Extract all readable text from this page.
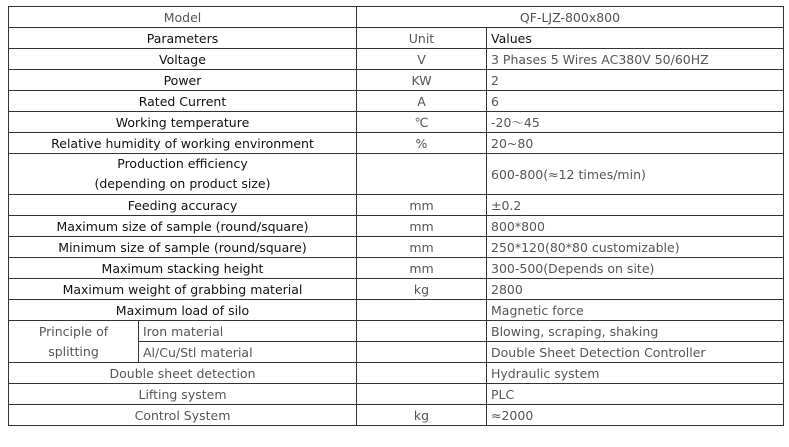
Model		QF-LJZ-800x800	
Parameters		Unit	Values
Voltage		V	3 Phases 5 Wires AC380V 50/60HZ
Power		KW	2
Rated Current		A	6
Working temperature		℃	-20～45
Relative humidity of working environment		%	20~80

Production efficiency
(depending on product size)			600-800(≈12 times/min)
Feeding accuracy		mm	±0.2
Maximum size of sample (round/square)		mm	800*800
Minimum size of sample (round/square)		mm	250*120(80*80 customizable)
Maximum stacking height		mm	300-500(Depends on site)
Maximum weight of grabbing material		kg	2800
Maximum load of silo			Magnetic force

Principle of
splitting	Iron material		Blowing, scraping, shaking
	Al/Cu/Stl material		Double Sheet Detection Controller
Double sheet detection			Hydraulic system
Lifting system			PLC
Control System		kg	≈2000
